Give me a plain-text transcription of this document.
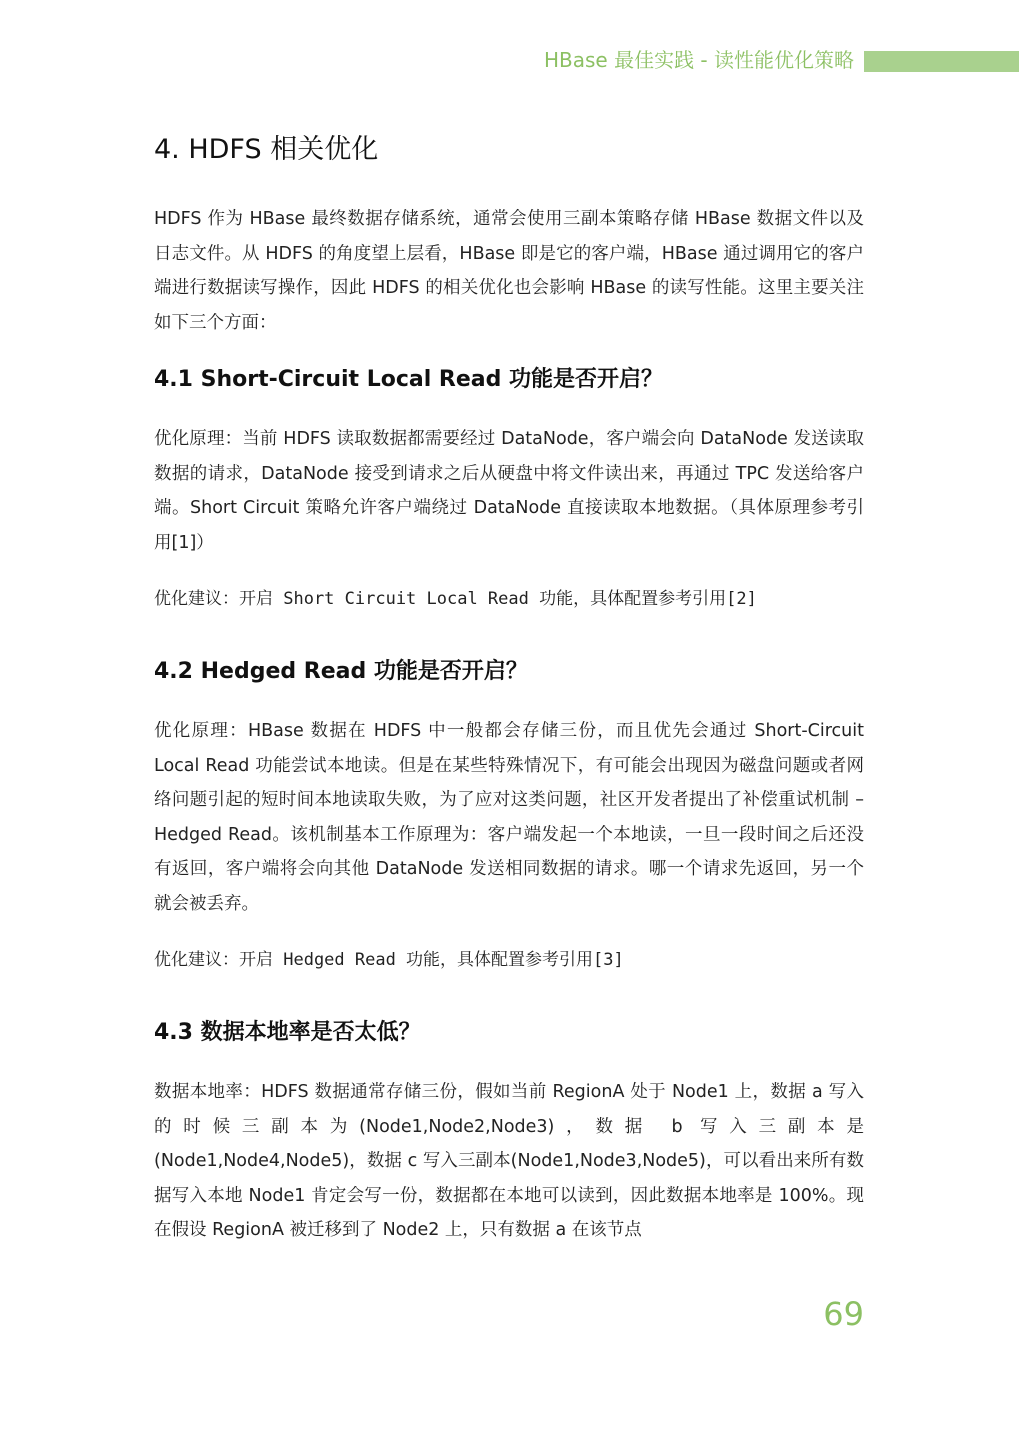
HBase 最佳实践 - 读性能优化策略
4. HDFS 相关优化

HDFS 作为 HBase 最终数据存储系统，通常会使用三副本策略存储 HBase 数据文件以及日志文件。从 HDFS 的角度望上层看，HBase 即是它的客户端，HBase 通过调用它的客户端进行数据读写操作，因此 HDFS 的相关优化也会影响 HBase 的读写性能。这里主要关注如下三个方面：

4.1 Short-Circuit Local Read 功能是否开启？

优化原理：当前 HDFS 读取数据都需要经过 DataNode，客户端会向 DataNode 发送读取数据的请求，DataNode 接受到请求之后从硬盘中将文件读出来，再通过 TPC 发送给客户端。Short Circuit 策略允许客户端绕过 DataNode 直接读取本地数据。（具体原理参考引用[1]）

优化建议：开启 Short Circuit Local Read 功能，具体配置参考引用[2]

4.2 Hedged Read 功能是否开启？

优化原理：HBase 数据在 HDFS 中一般都会存储三份，而且优先会通过 Short-Circuit Local Read 功能尝试本地读。但是在某些特殊情况下，有可能会出现因为磁盘问题或者网络问题引起的短时间本地读取失败，为了应对这类问题，社区开发者提出了补偿重试机制 – Hedged Read。该机制基本工作原理为：客户端发起一个本地读，一旦一段时间之后还没有返回，客户端将会向其他 DataNode 发送相同数据的请求。哪一个请求先返回，另一个就会被丢弃。

优化建议：开启 Hedged Read 功能，具体配置参考引用[3]

4.3 数据本地率是否太低？

数据本地率：HDFS 数据通常存储三份，假如当前 RegionA 处于 Node1 上，数据 a 写入的时候三副本为(Node1,Node2,Node3)，数据 b 写入三副本是(Node1,Node4,Node5)，数据 c 写入三副本(Node1,Node3,Node5)，可以看出来所有数据写入本地 Node1 肯定会写一份，数据都在本地可以读到，因此数据本地率是 100%。现在假设 RegionA 被迁移到了 Node2 上，只有数据 a 在该节点

69
